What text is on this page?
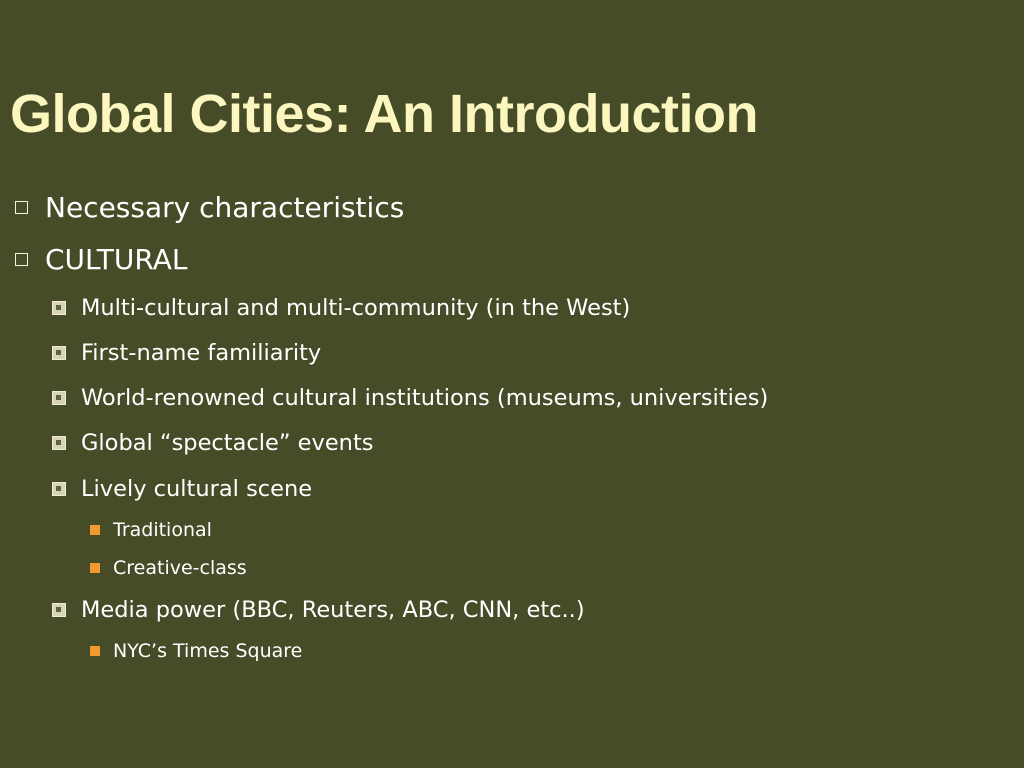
Global Cities: An Introduction
Necessary characteristics
CULTURAL
Multi-cultural and multi-community (in the West)
First-name familiarity
World-renowned cultural institutions (museums, universities)
Global “spectacle” events
Lively cultural scene
Traditional
Creative-class
Media power (BBC, Reuters, ABC, CNN, etc..)
NYC’s Times Square
